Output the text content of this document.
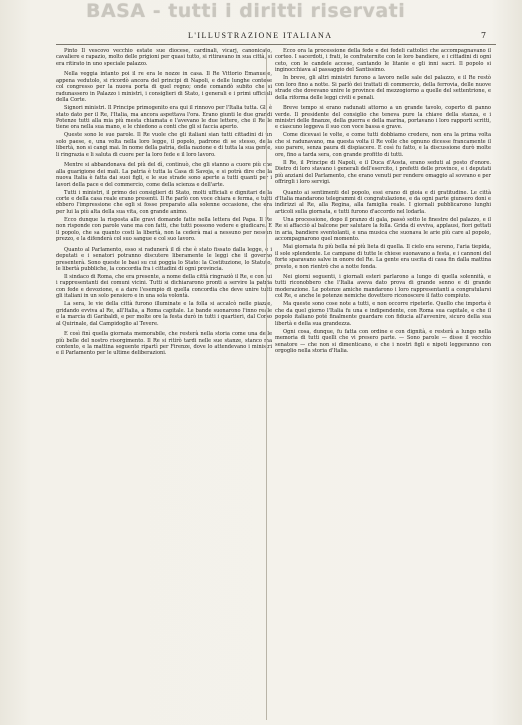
BASA - tutti i diritti riservati
L'ILLUSTRAZIONE ITALIANA	7

Pinto Il vescovo vecchio estate sue diocese, cardinali, vicarj, canonicato, cavaliere e rapazio, molto delle prigioni per quasi tutto, si ritiravano in sua città, si era ritirato in uno speciale palazzo.

Nella veggia intanto poi il re era le nozze in casa. Il Re Vittorio Emanuele, appena vedutolo, si ricordò ancora del principi di Napoli, e delle lunghe contese col congresso per la nuova porta di quel regno; onde comandò subito che si radunassero in Palazzo i ministri, i consiglieri di Stato, i generali e i primi ufficiali della Corte.

Signori ministri. Il Principe primogenito era qui il rinnovo per l'Italia tutta. Gli è stato dato per il Re, l'Italia, ma ancora aspettava l'ora. Erano giunti le due grandi Potenze tutti alla mia più mesta chiamata e l'avevano le due lettere, che il Re le tiene ora nella sua mano, e le chiedono a conti che gli si faccia aperto.

Queste sono le sue parole. Il Re vuole che gli italiani sian tutti cittadini di un solo paese, e, una volta nella loro legge, il popolo, padrone di se stesso, della libertà, non si cangi mai. In nome della patria, della nazione e di tutta la sua gente, li ringrazia e li saluta di cuore per la loro fede e il loro lavoro.

Mentre si abbandonava del più del dì, continuò, che gli stanno a cuore più che alla guarigione dei mali. La patria è tutta la Casa di Savoja, e si potrà dire che la nuova Italia è fatta dai suoi figli, e le sue strade sono aperte a tutti quanti per i lavori della pace e del commercio, come della scienza e dell'arte.

Tutti i ministri, il primo dei consiglieri di Stato, molti ufficiali e dignitari della corte e della casa reale erano presenti. Il Re parlò con voce chiara e ferma, e tutti ebbero l'impressione che egli si fosse preparato alla solenne occasione, che era per lui la più alta della sua vita, con grande animo.

Ecco dunque la risposta alle gravi domande fatte nella lettera del Papa. Il Re non risponde con parole vane ma con fatti, che tutti possono vedere e giudicare. E il popolo, che sa quanto costi la libertà, non la cederà mai a nessuno per nessun prezzo, e la difenderà col suo sangue e col suo lavoro.

Quanto al Parlamento, esso si radunerà il dì che è stato fissato dalla legge, e i deputati e i senatori potranno discutere liberamente le leggi che il governo presenterà. Sono queste le basi su cui poggia lo Stato: la Costituzione, lo Statuto, le libertà pubbliche, la concordia fra i cittadini di ogni provincia.

Il sindaco di Roma, che era presente, a nome della città ringraziò il Re, e con lui i rappresentanti dei comuni vicini. Tutti si dichiararono pronti a servire la patria con fede e devozione, e a dare l'esempio di quella concordia che deve unire tutti gli italiani in un solo pensiero e in una sola volontà.

La sera, le vie della città furono illuminate e la folla si accalcò nelle piazze, gridando evviva al Re, all'Italia, a Roma capitale. Le bande suonarono l'inno reale e la marcia di Garibaldi, e per molte ore la festa durò in tutti i quartieri, dal Corso al Quirinale, dal Campidoglio al Tevere.

E così finì quella giornata memorabile, che resterà nella storia come una delle più belle del nostro risorgimento. Il Re si ritirò tardi nelle sue stanze, stanco ma contento, e la mattina seguente ripartì per Firenze, dove lo attendevano i ministri e il Parlamento per le ultime deliberazioni.

Ecco ora la processione della fede e dei fedeli cattolici che accompagnavano il corteo. I sacerdoti, i frati, le confraternite con le loro bandiere, e i cittadini di ogni ceto, con le candele accese, cantando le litanie e gli inni sacri. Il popolo si inginocchiava al passaggio del Santissimo.

In breve, gli altri ministri furono a lavoro nelle sale del palazzo, e il Re restò con loro fino a notte. Si parlò dei trattati di commercio, della ferrovia, delle nuove strade che dovevano unire le province del mezzogiorno a quelle del settentrione, e della riforma delle leggi civili e penali.

Breve tempo si erano radunati attorno a un grande tavolo, coperto di panno verde. Il presidente del consiglio che teneva pure la chiave della stanza, e i ministri delle finanze, della guerra e della marina, portavano i loro rapporti scritti, e ciascuno leggeva il suo con voce bassa e grave.

Come dicevasi le volte, e come tutti dobbiamo credere, non era la prima volta che si radunavano, ma questa volta il Re volle che ognuno dicesse francamente il suo parere, senza paura di dispiacere. E così fu fatto, e la discussione durò molte ore, fino a tarda sera, con grande profitto di tutti.

Il Re, il Principe di Napoli, e il Duca d'Aosta, erano seduti al posto d'onore. Dietro di loro stavano i generali dell'esercito, i prefetti delle province, e i deputati più anziani del Parlamento, che erano venuti per rendere omaggio al sovrano e per offrirgli i loro servigi.

Quanto ai sentimenti del popolo, essi erano di gioia e di gratitudine. Le città d'Italia mandarono telegrammi di congratulazione, e da ogni parte giunsero doni e indirizzi al Re, alla Regina, alla famiglia reale. I giornali pubblicarono lunghi articoli sulla giornata, e tutti furono d'accordo nel lodarla.

Una processione, dopo il pranzo di gala, passò sotto le finestre del palazzo, e il Re si affacciò al balcone per salutare la folla. Grida di evviva, applausi, fiori gettati in aria, bandiere sventolanti, e una musica che suonava le arie più care al popolo, accompagnarono quel momento.

Mai giornata fu più bella né più lieta di quella. Il cielo era sereno, l'aria tiepida, il sole splendente. Le campane di tutte le chiese suonavano a festa, e i cannoni del forte sparavano salve in onore del Re. La gente era uscita di casa fin dalla mattina presto, e non rientrò che a notte fonda.

Nei giorni seguenti, i giornali esteri parlarono a lungo di quella solennità, e tutti riconobbero che l'Italia aveva dato prova di grande senno e di grande moderazione. Le potenze amiche mandarono i loro rappresentanti a congratularsi col Re, e anche le potenze nemiche dovettero riconoscere il fatto compiuto.

Ma queste sono cose note a tutti, e non occorre ripeterle. Quello che importa è che da quel giorno l'Italia fu una e indipendente, con Roma sua capitale, e che il popolo italiano poté finalmente guardare con fiducia all'avvenire, sicuro della sua libertà e della sua grandezza.

Ogni cosa, dunque, fu fatta con ordine e con dignità, e resterà a lungo nella memoria di tutti quelli che vi presero parte. — Sono parole — disse il vecchio senatore — che non si dimenticano, e che i nostri figli e nipoti leggeranno con orgoglio nella storia d'Italia.
